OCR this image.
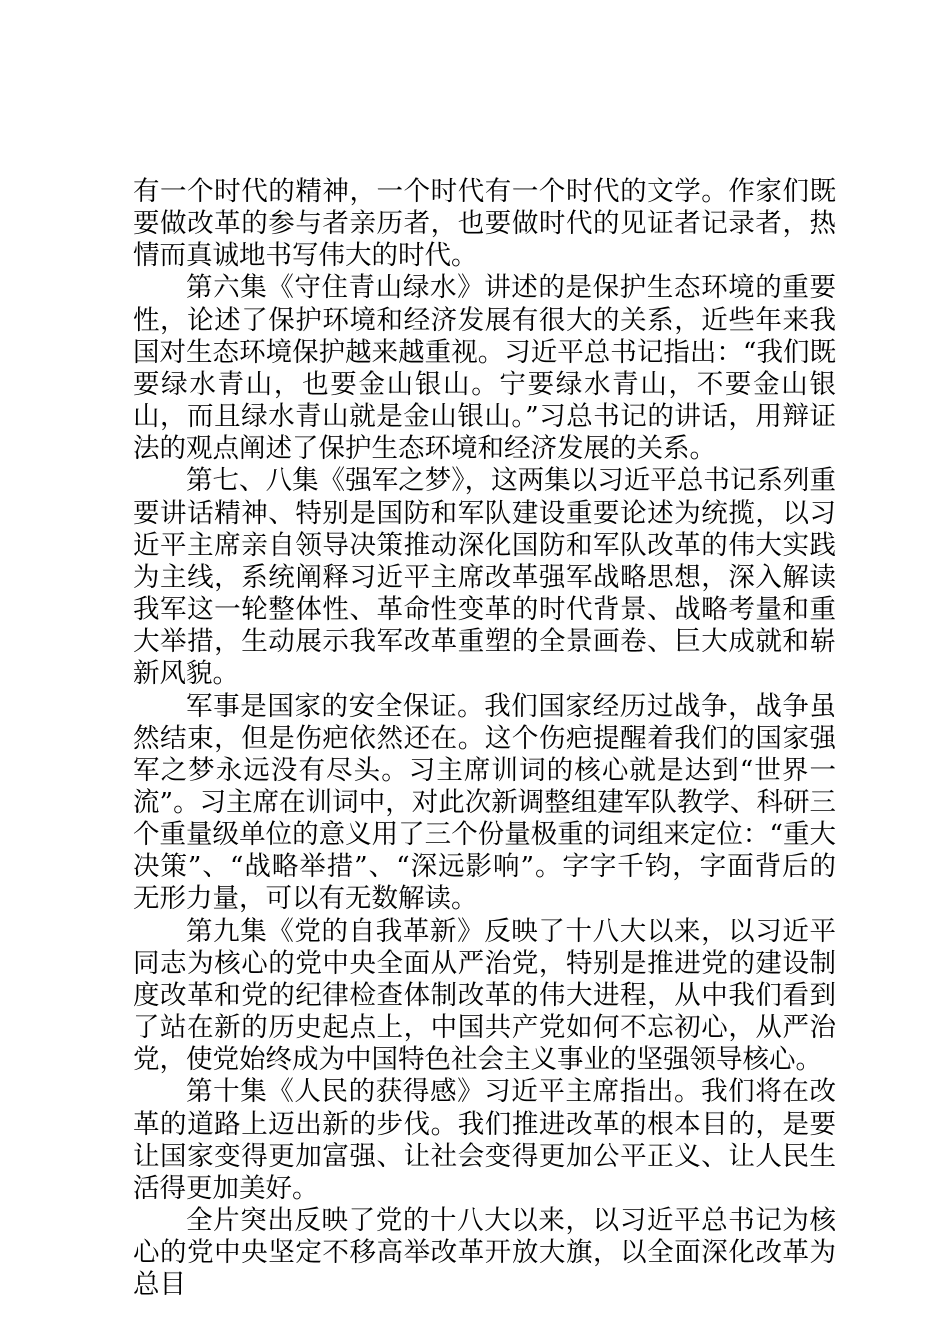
有一个时代的精神，一个时代有一个时代的文学。作家们既要做改革的参与者亲历者，也要做时代的见证者记录者，热情而真诚地书写伟大的时代。

第六集《守住青山绿水》讲述的是保护生态环境的重要性，论述了保护环境和经济发展有很大的关系，近些年来我国对生态环境保护越来越重视。习近平总书记指出：“我们既要绿水青山，也要金山银山。宁要绿水青山，不要金山银山，而且绿水青山就是金山银山。”习总书记的讲话，用辩证法的观点阐述了保护生态环境和经济发展的关系。

第七、八集《强军之梦》，这两集以习近平总书记系列重要讲话精神、特别是国防和军队建设重要论述为统揽，以习近平主席亲自领导决策推动深化国防和军队改革的伟大实践为主线，系统阐释习近平主席改革强军战略思想，深入解读我军这一轮整体性、革命性变革的时代背景、战略考量和重大举措，生动展示我军改革重塑的全景画卷、巨大成就和崭新风貌。

军事是国家的安全保证。我们国家经历过战争，战争虽然结束，但是伤疤依然还在。这个伤疤提醒着我们的国家强军之梦永远没有尽头。习主席训词的核心就是达到“世界一流”。习主席在训词中，对此次新调整组建军队教学、科研三个重量级单位的意义用了三个份量极重的词组来定位：“重大决策”、“战略举措”、“深远影响”。字字千钧，字面背后的无形力量，可以有无数解读。

第九集《党的自我革新》反映了十八大以来，以习近平同志为核心的党中央全面从严治党，特别是推进党的建设制度改革和党的纪律检查体制改革的伟大进程，从中我们看到了站在新的历史起点上，中国共产党如何不忘初心，从严治党，使党始终成为中国特色社会主义事业的坚强领导核心。

第十集《人民的获得感》习近平主席指出。我们将在改革的道路上迈出新的步伐。我们推进改革的根本目的，是要让国家变得更加富强、让社会变得更加公平正义、让人民生活得更加美好。

全片突出反映了党的十八大以来，以习近平总书记为核心的党中央坚定不移高举改革开放大旗，以全面深化改革为总目
